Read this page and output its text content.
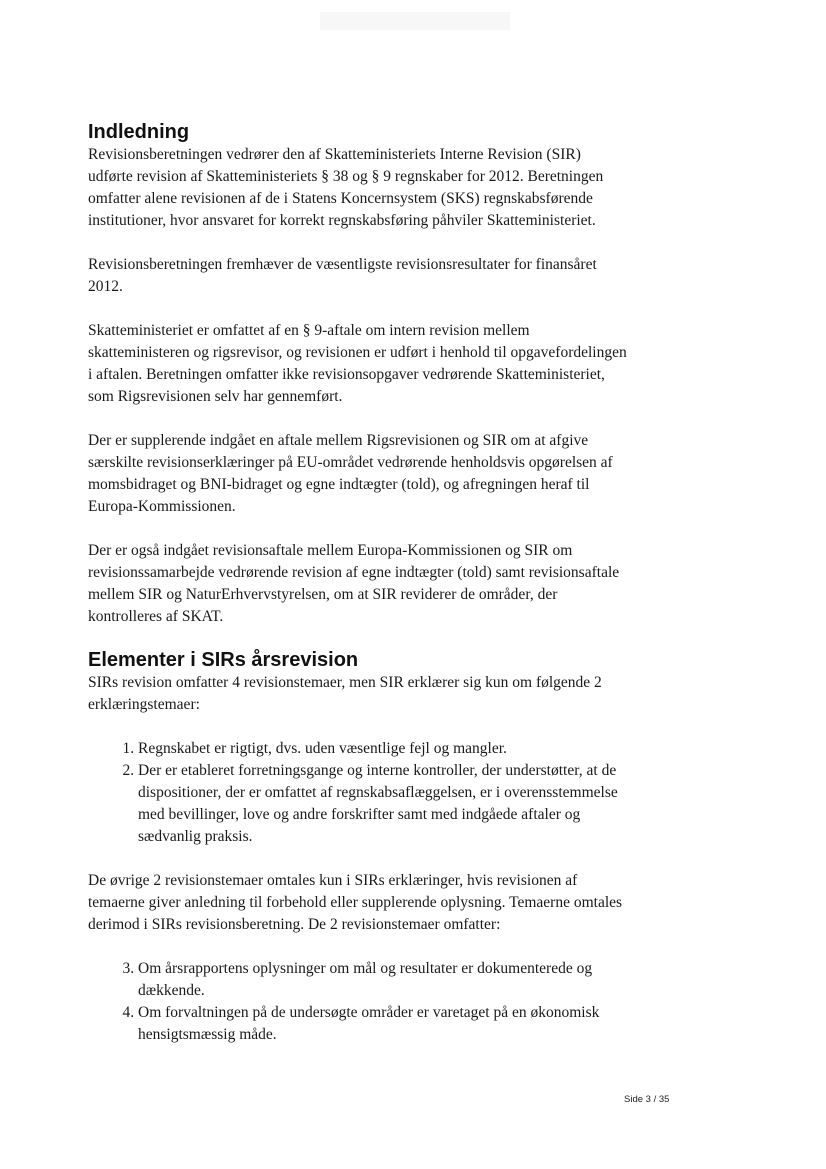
Indledning

Revisionsberetningen vedrører den af Skatteministeriets Interne Revision (SIR) udførte revision af Skatteministeriets § 38 og § 9 regnskaber for 2012. Beretningen omfatter alene revisionen af de i Statens Koncernsystem (SKS) regnskabsførende institutioner, hvor ansvaret for korrekt regnskabsføring påhviler Skatteministeriet.

Revisionsberetningen fremhæver de væsentligste revisionsresultater for finansåret 2012.

Skatteministeriet er omfattet af en § 9-aftale om intern revision mellem skatteministeren og rigsrevisor, og revisionen er udført i henhold til opgavefordelingen i aftalen. Beretningen omfatter ikke revisionsopgaver vedrørende Skatteministeriet, som Rigsrevisionen selv har gennemført.

Der er supplerende indgået en aftale mellem Rigsrevisionen og SIR om at afgive særskilte revisionserklæringer på EU-området vedrørende henholdsvis opgørelsen af momsbidraget og BNI-bidraget og egne indtægter (told), og afregningen heraf til Europa-Kommissionen.

Der er også indgået revisionsaftale mellem Europa-Kommissionen og SIR om revisionssamarbejde vedrørende revision af egne indtægter (told) samt revisionsaftale mellem SIR og NaturErhvervstyrelsen, om at SIR reviderer de områder, der kontrolleres af SKAT.

Elementer i SIRs årsrevision

SIRs revision omfatter 4 revisionstemaer, men SIR erklærer sig kun om følgende 2 erklæringstemaer:

1. Regnskabet er rigtigt, dvs. uden væsentlige fejl og mangler.
2. Der er etableret forretningsgange og interne kontroller, der understøtter, at de dispositioner, der er omfattet af regnskabsaflæggelsen, er i overensstemmelse med bevillinger, love og andre forskrifter samt med indgåede aftaler og sædvanlig praksis.

De øvrige 2 revisionstemaer omtales kun i SIRs erklæringer, hvis revisionen af temaerne giver anledning til forbehold eller supplerende oplysning. Temaerne omtales derimod i SIRs revisionsberetning. De 2 revisionstemaer omfatter:

3. Om årsrapportens oplysninger om mål og resultater er dokumenterede og dækkende.
4. Om forvaltningen på de undersøgte områder er varetaget på en økonomisk hensigtsmæssig måde.
Side 3 / 35
